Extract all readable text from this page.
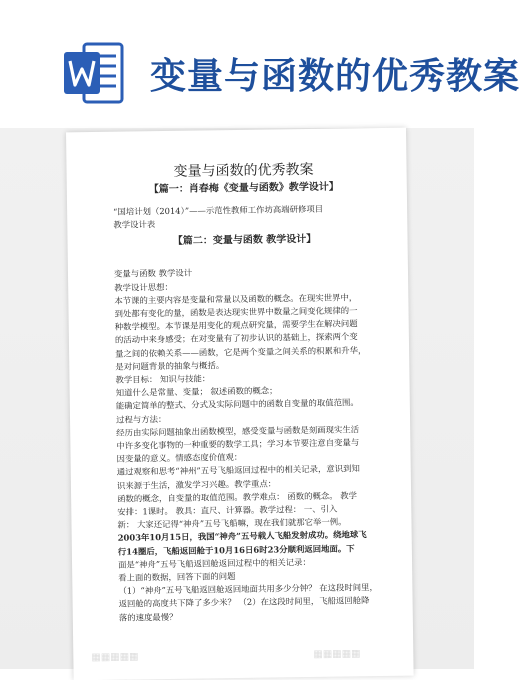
变量与函数的优秀教案

变量与函数的优秀教案

【篇一：肖春梅《变量与函数》教学设计】

“国培计划（2014）”——示范性教师工作坊高端研修项目

教学设计表

【篇二：变量与函数 教学设计】

变量与函数 教学设计

教学设计思想：

本节课的主要内容是变量和常量以及函数的概念。在现实世界中，

到处都有变化的量，函数是表达现实世界中数量之间变化规律的一

种数学模型。本节课是用变化的观点研究量，需要学生在解决问题

的活动中来身感受；在对变量有了初步认识的基础上，探索两个变

量之间的依赖关系——函数，它是两个变量之间关系的积累和升华，

是对问题背景的抽象与概括。

教学目标： 知识与技能：

知道什么是常量、变量； 叙述函数的概念；

能确定简单的整式、分式及实际问题中的函数自变量的取值范围。

过程与方法：

经历由实际问题抽象出函数模型，感受变量与函数是刻画现实生活

中许多变化事物的一种重要的数学工具；学习本节要注意自变量与

因变量的意义。情感态度价值观：

通过观察和思考“神州”五号飞船返回过程中的相关记录，意识到知

识来源于生活，激发学习兴趣。教学重点：

函数的概念，自变量的取值范围。教学难点： 函数的概念。 教学

安排：1课时。 教具：直尺、计算器。教学过程： 一、引入

新： 大家还记得“神舟”五号飞船嘛，现在我们就那它举一例。

2003年10月15日，我国“神舟”五号载人飞船发射成功。绕地球飞

行14圈后，飞船返回舱于10月16日6时23分顺利返回地面。下

面是“神舟”五号飞船返回舱返回过程中的相关记录：

看上面的数据，回答下面的问题

（1）“神舟”五号飞船返回舱返回地面共用多少分钟？ 在这段时间里，

返回舱的高度共下降了多少米？ （2）在这段时间里，飞船返回舱降

落的速度最慢？

▦▦▦▦▦	▦▦▦▦▦
